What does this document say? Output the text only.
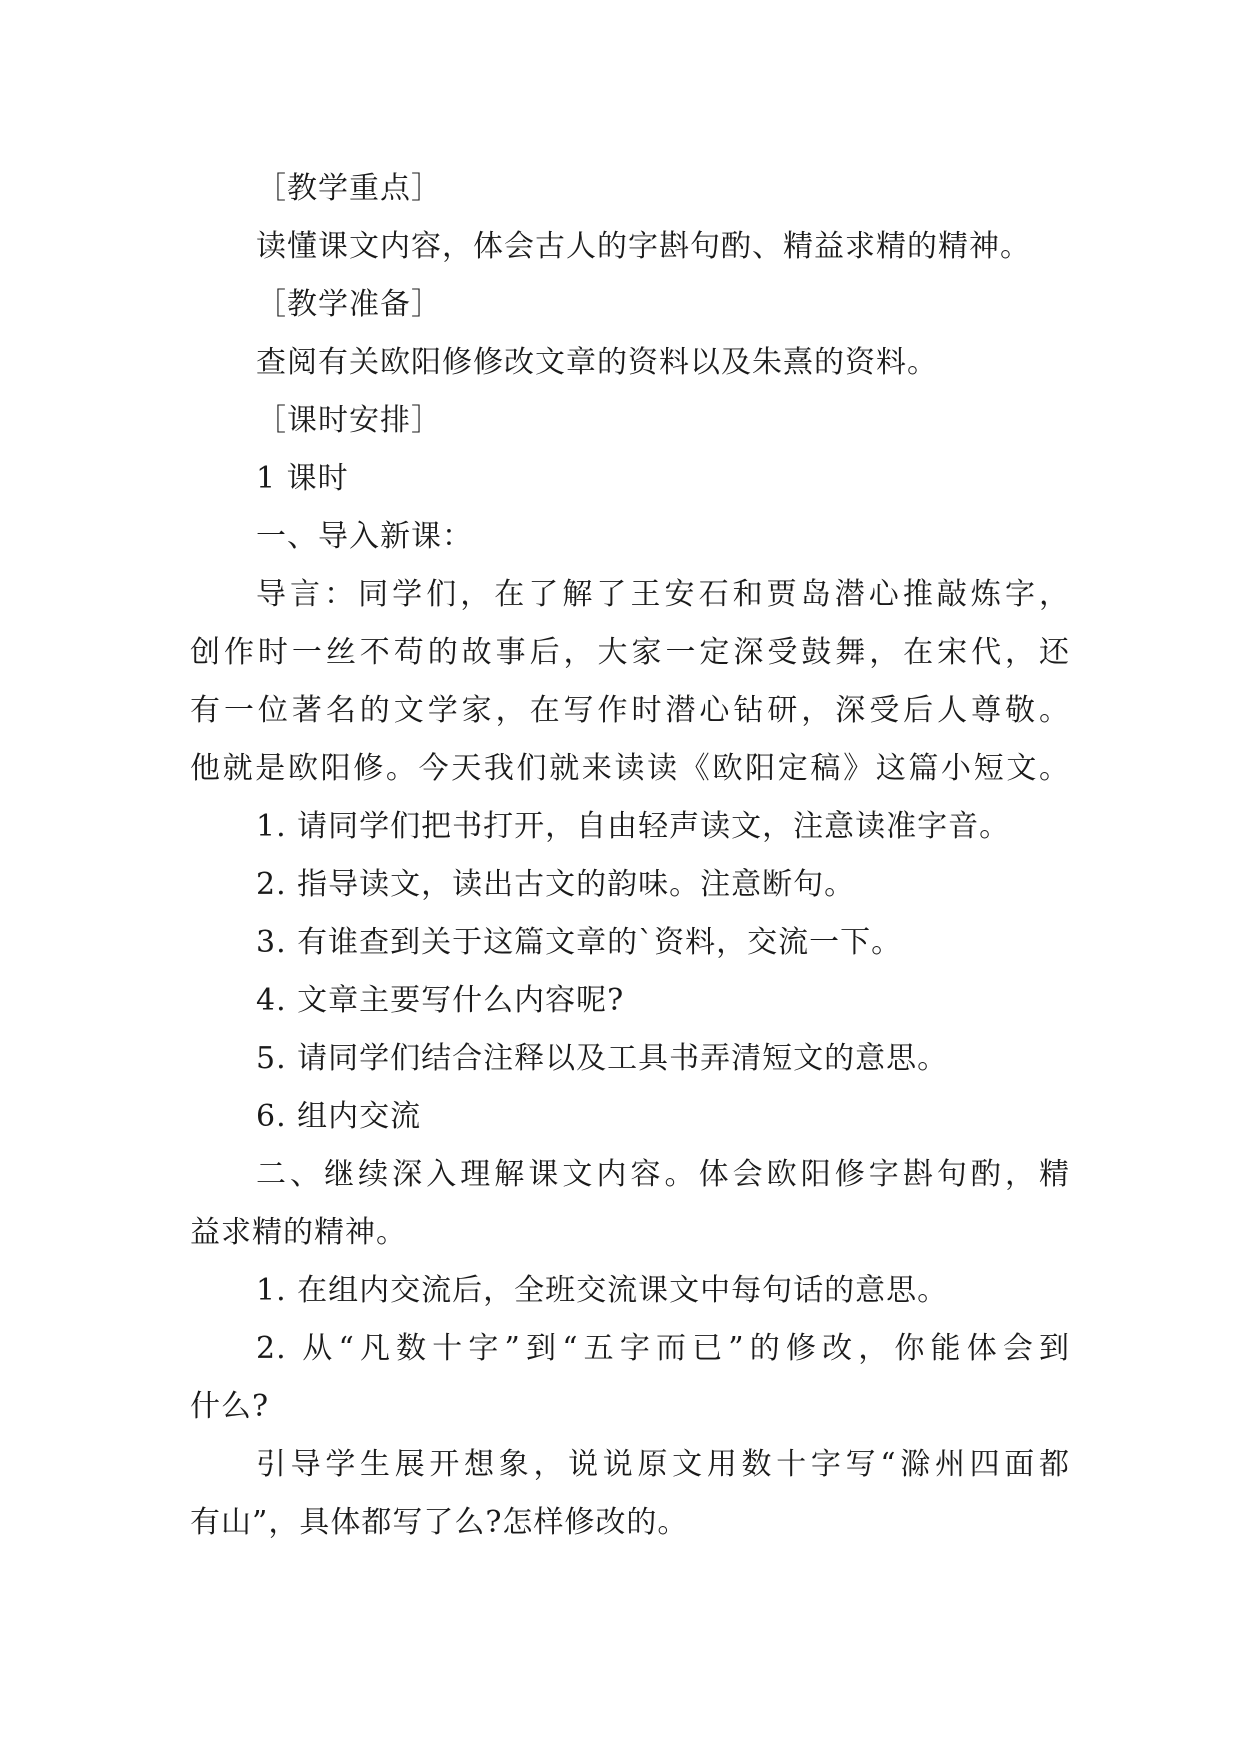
［教学重点］
读懂课文内容，体会古人的字斟句酌、精益求精的精神。
［教学准备］
查阅有关欧阳修修改文章的资料以及朱熹的资料。
［课时安排］
1 课时
一、导入新课：
导言：同学们，在了解了王安石和贾岛潜心推敲炼字，
创作时一丝不苟的故事后，大家一定深受鼓舞，在宋代，还
有一位著名的文学家，在写作时潜心钻研，深受后人尊敬。
他就是欧阳修。今天我们就来读读《欧阳定稿》这篇小短文。
1. 请同学们把书打开，自由轻声读文，注意读准字音。
2. 指导读文，读出古文的韵味。注意断句。
3. 有谁查到关于这篇文章的`资料，交流一下。
4. 文章主要写什么内容呢?
5. 请同学们结合注释以及工具书弄清短文的意思。
6. 组内交流
二、继续深入理解课文内容。体会欧阳修字斟句酌，精
益求精的精神。
1. 在组内交流后，全班交流课文中每句话的意思。
2. 从“凡数十字”到“五字而已”的修改，你能体会到
什么?
引导学生展开想象，说说原文用数十字写“滁州四面都
有山”，具体都写了么?怎样修改的。
